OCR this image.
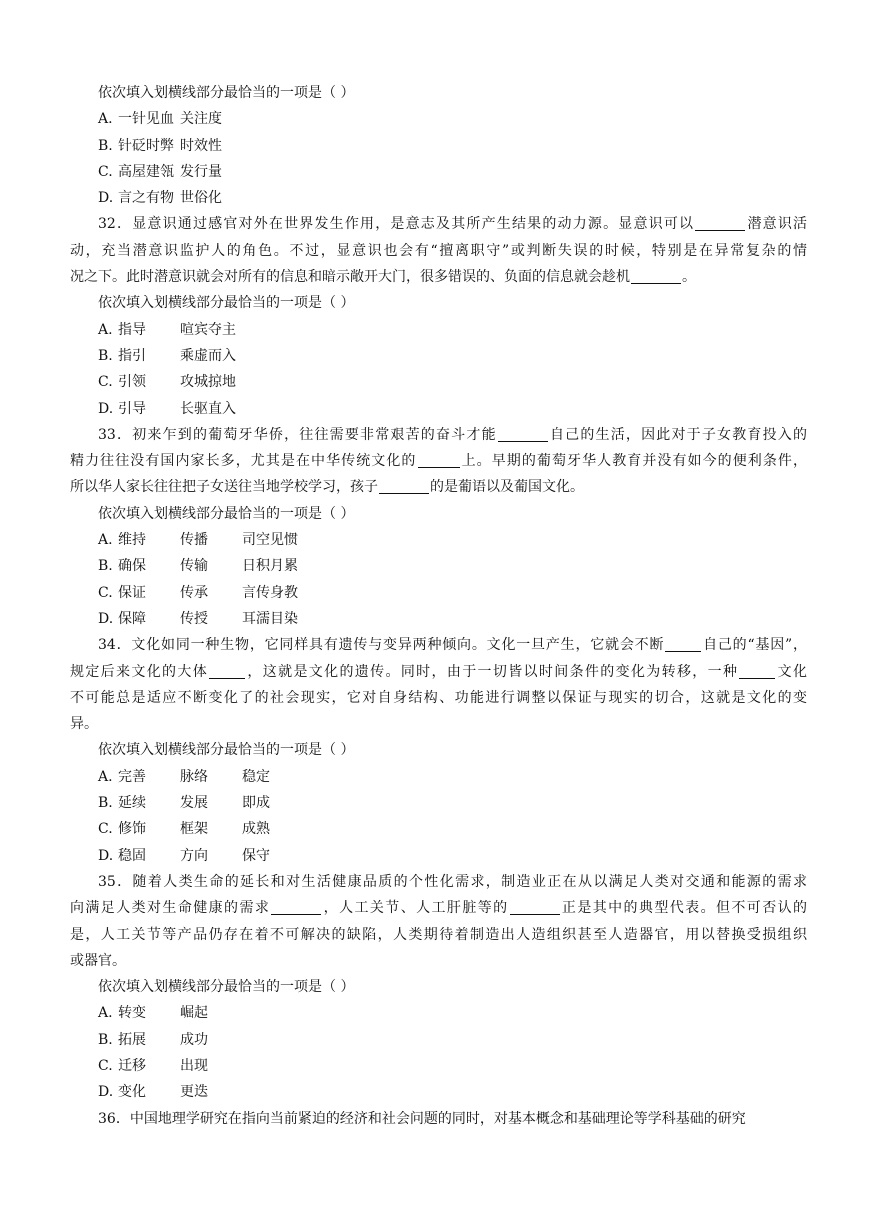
依次填入划横线部分最恰当的一项是（ ）
A. 一针见血 关注度
B. 针砭时弊 时效性
C. 高屋建瓴 发行量
D. 言之有物 世俗化
32．显意识通过感官对外在世界发生作用，是意志及其所产生结果的动力源。显意识可以	潜意识活
动，充当潜意识监护人的角色。不过，显意识也会有“擅离职守”或判断失误的时候，特别是在异常复杂的情
况之下。此时潜意识就会对所有的信息和暗示敞开大门，很多错误的、负面的信息就会趁机	。
依次填入划横线部分最恰当的一项是（ ）
A. 指导 喧宾夺主
B. 指引 乘虚而入
C. 引领 攻城掠地
D. 引导 长驱直入
33．初来乍到的葡萄牙华侨，往往需要非常艰苦的奋斗才能	自己的生活，因此对于子女教育投入的
精力往往没有国内家长多，尤其是在中华传统文化的	上。早期的葡萄牙华人教育并没有如今的便利条件，
所以华人家长往往把子女送往当地学校学习，孩子	的是葡语以及葡国文化。
依次填入划横线部分最恰当的一项是（ ）
A. 维持 传播 司空见惯
B. 确保 传输 日积月累
C. 保证 传承 言传身教
D. 保障 传授 耳濡目染
34．文化如同一种生物，它同样具有遗传与变异两种倾向。文化一旦产生，它就会不断	自己的“基因”，
规定后来文化的大体	，这就是文化的遗传。同时，由于一切皆以时间条件的变化为转移，一种	文化
不可能总是适应不断变化了的社会现实，它对自身结构、功能进行调整以保证与现实的切合，这就是文化的变
异。
依次填入划横线部分最恰当的一项是（ ）
A. 完善 脉络 稳定
B. 延续 发展 即成
C. 修饰 框架 成熟
D. 稳固 方向 保守
35．随着人类生命的延长和对生活健康品质的个性化需求，制造业正在从以满足人类对交通和能源的需求
向满足人类对生命健康的需求	，人工关节、人工肝脏等的	正是其中的典型代表。但不可否认的
是，人工关节等产品仍存在着不可解决的缺陷，人类期待着制造出人造组织甚至人造器官，用以替换受损组织
或器官。
依次填入划横线部分最恰当的一项是（ ）
A. 转变 崛起
B. 拓展 成功
C. 迁移 出现
D. 变化 更迭
36．中国地理学研究在指向当前紧迫的经济和社会问题的同时，对基本概念和基础理论等学科基础的研究
